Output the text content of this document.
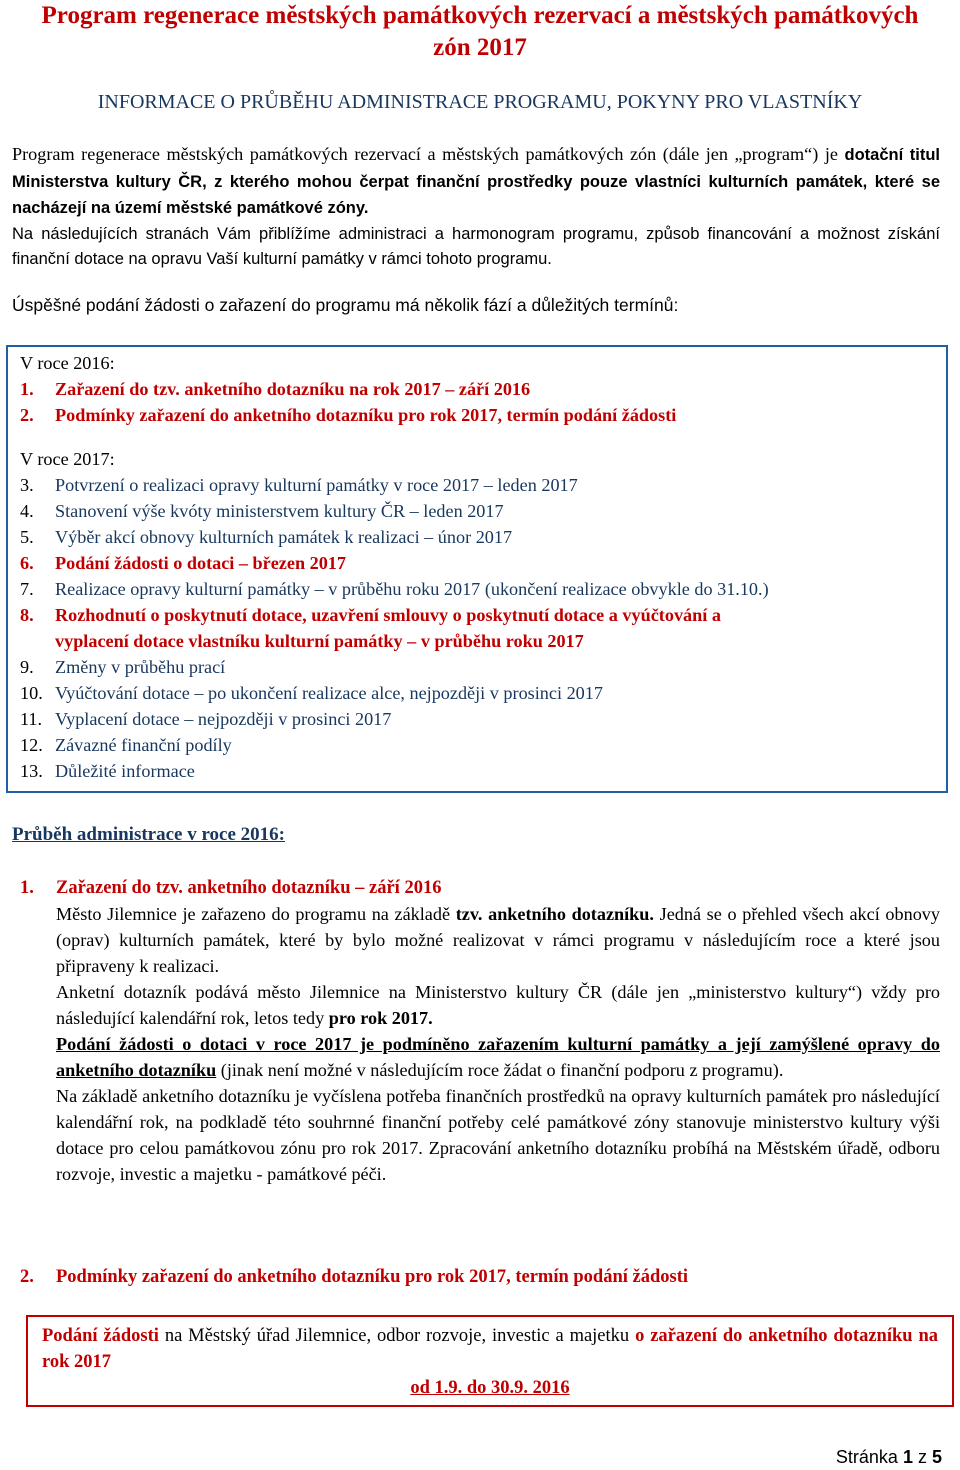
Program regenerace městských památkových rezervací a městských památkových zón 2017
INFORMACE O PRŮBĚHU ADMINISTRACE PROGRAMU, POKYNY PRO VLASTNÍKY

Program regenerace městských památkových rezervací a městských památkových zón (dále jen „program“) je dotační titul Ministerstva kultury ČR, z kterého mohou čerpat finanční prostředky pouze vlastníci kulturních památek, které se nacházejí na území městské památkové zóny.

Na následujících stranách Vám přiblížíme administraci a harmonogram programu, způsob financování a možnost získání finanční dotace na opravu Vaší kulturní památky v rámci tohoto programu.

Úspěšné podání žádosti o zařazení do programu má několik fází a důležitých termínů:
V roce 2016:
1.	Zařazení do tzv. anketního dotazníku na rok 2017 – září 2016
2.	Podmínky zařazení do anketního dotazníku pro rok 2017, termín podání žádosti
V roce 2017:
3.	Potvrzení o realizaci opravy kulturní památky v roce 2017 – leden 2017
4.	Stanovení výše kvóty ministerstvem kultury ČR – leden 2017
5.	Výběr akcí obnovy kulturních památek k realizaci – únor 2017
6.	Podání žádosti o dotaci – březen 2017
7.	Realizace opravy kulturní památky – v průběhu roku 2017 (ukončení realizace obvykle do 31.10.)
8.	Rozhodnutí o poskytnutí dotace, uzavření smlouvy o poskytnutí dotace a vyúčtování a
vyplacení dotace vlastníku kulturní památky – v průběhu roku 2017
9.	Změny v průběhu prací
10. Vyúčtování dotace – po ukončení realizace alce, nejpozději v prosinci 2017
11. Vyplacení dotace – nejpozději v prosinci 2017
12. Závazné finanční podíly
13. Důležité informace
Průběh administrace v roce 2016:
1. Zařazení do tzv. anketního dotazníku – září 2016

Město Jilemnice je zařazeno do programu na základě tzv. anketního dotazníku. Jedná se o přehled všech akcí obnovy (oprav) kulturních památek, které by bylo možné realizovat v rámci programu v následujícím roce a které jsou připraveny k realizaci.

Anketní dotazník podává město Jilemnice na Ministerstvo kultury ČR (dále jen „ministerstvo kultury“) vždy pro následující kalendářní rok, letos tedy pro rok 2017.

Podání žádosti o dotaci v roce 2017 je podmíněno zařazením kulturní památky a její zamýšlené opravy do anketního dotazníku (jinak není možné v následujícím roce žádat o finanční podporu z programu).

Na základě anketního dotazníku je vyčíslena potřeba finančních prostředků na opravy kulturních památek pro následující kalendářní rok, na podkladě této souhrnné finanční potřeby celé památkové zóny stanovuje ministerstvo kultury výši dotace pro celou památkovou zónu pro rok 2017. Zpracování anketního dotazníku probíhá na Městském úřadě, odboru rozvoje, investic a majetku - památkové péči.

2. Podmínky zařazení do anketního dotazníku pro rok 2017, termín podání žádosti
Podání žádosti na Městský úřad Jilemnice, odbor rozvoje, investic a majetku o zařazení do anketního dotazníku na rok 2017
od 1.9. do 30.9. 2016
Stránka 1 z 5
